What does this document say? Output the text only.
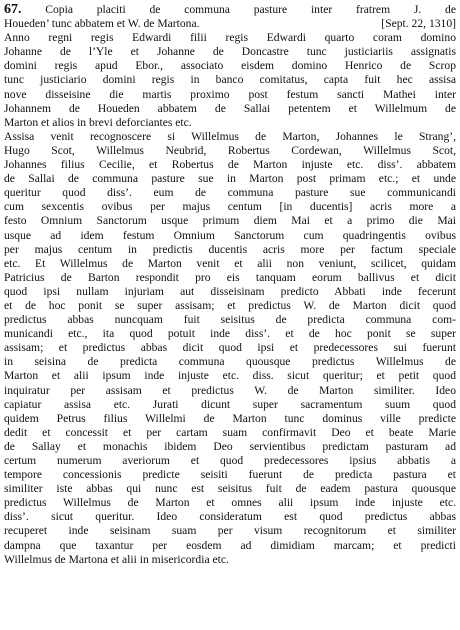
67. Copia placiti de communa pasture inter fratrem J. de
Houeden’ tunc abbatem et W. de Martona.	[Sept. 22, 1310]
Anno regni regis Edwardi filii regis Edwardi quarto coram domino
Johanne de l’Yle et Johanne de Doncastre tunc justiciariis assignatis
domini regis apud Ebor., associato eisdem domino Henrico de Scrop
tunc justiciario domini regis in banco comitatus, capta fuit hec assisa
nove disseisine die martis proximo post festum sancti Mathei inter
Johannem de Houeden abbatem de Sallai petentem et Willelmum de
Marton et alios in brevi deforciantes etc.
Assisa venit recognoscere si Willelmus de Marton, Johannes le Strang’,
Hugo Scot, Willelmus Neubrid, Robertus Cordewan, Willelmus Scot,
Johannes filius Cecilie, et Robertus de Marton injuste etc. diss’. abbatem
de Sallai de communa pasture sue in Marton post primam etc.; et unde
queritur quod diss’. eum de communa pasture sue communicandi
cum sexcentis ovibus per majus centum [in ducentis] acris more a
festo Omnium Sanctorum usque primum diem Mai et a primo die Mai
usque ad idem festum Omnium Sanctorum cum quadringentis ovibus
per majus centum in predictis ducentis acris more per factum speciale
etc. Et Willelmus de Marton venit et alii non veniunt, scilicet, quidam
Patricius de Barton respondit pro eis tanquam eorum ballivus et dicit
quod ipsi nullam injuriam aut disseisinam predicto Abbati inde fecerunt
et de hoc ponit se super assisam; et predictus W. de Marton dicit quod
predictus abbas nuncquam fuit seisitus de predicta communa com-
municandi etc., ita quod potuit inde diss’. et de hoc ponit se super
assisam; et predictus abbas dicit quod ipsi et predecessores sui fuerunt
in seisina de predicta communa quousque predictus Willelmus de
Marton et alii ipsum inde injuste etc. diss. sicut queritur; et petit quod
inquiratur per assisam et predictus W. de Marton similiter. Ideo
capiatur assisa etc. Jurati dicunt super sacramentum suum quod
quidem Petrus filius Willelmi de Marton tunc dominus ville predicte
dedit et concessit et per cartam suam confirmavit Deo et beate Marie
de Sallay et monachis ibidem Deo servientibus predictam pasturam ad
certum numerum averiorum et quod predecessores ipsius abbatis a
tempore concessionis predicte seisiti fuerunt de predicta pastura et
similiter iste abbas qui nunc est seisitus fuit de eadem pastura quousque
predictus Willelmus de Marton et omnes alii ipsum inde injuste etc.
diss’. sicut queritur. Ideo consideratum est quod predictus abbas
recuperet inde seisinam suam per visum recognitorum et similiter
dampna que taxantur per eosdem ad dimidiam marcam; et predicti
Willelmus de Martona et alii in misericordia etc.
